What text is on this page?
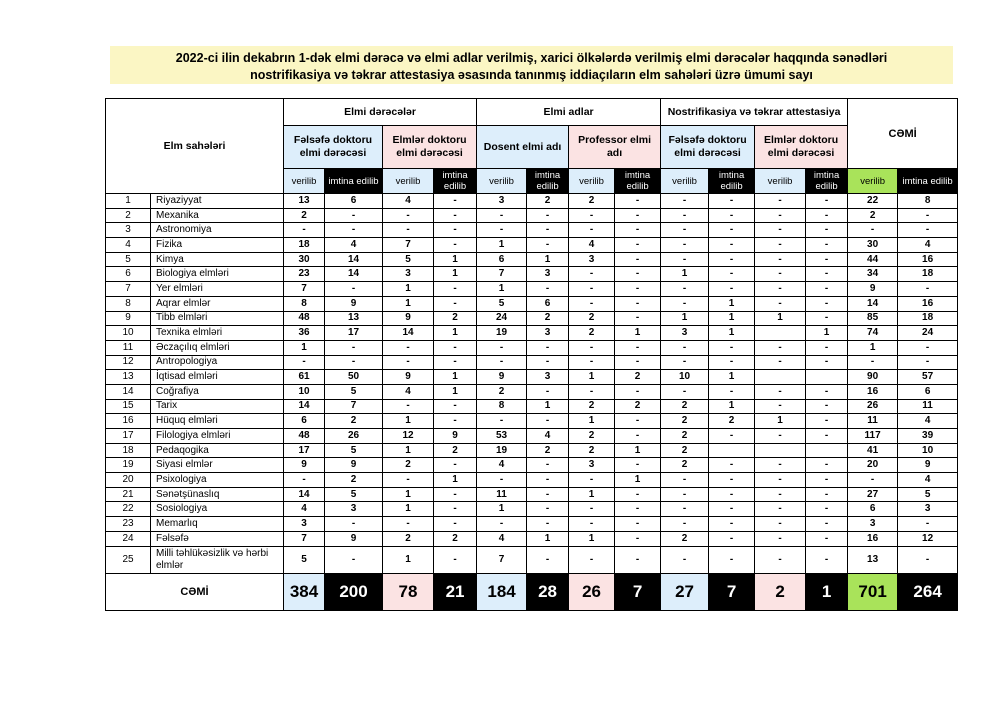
2022-ci ilin dekabrın 1-dək elmi dərəcə və elmi adlar verilmiş, xarici ölkələrdə verilmiş elmi dərəcələr haqqında sənədləri
nostrifikasiya və təkrar attestasiya əsasında tanınmış iddiaçıların elm sahələri üzrə ümumi sayı
Elm sahələri		Elmi dərəcələr				Elmi adlar				Nostrifikasiya və təkrar attestasiya				CƏMİ	
		Fəlsəfə doktoru elmi dərəcəsi		Elmlər doktoru elmi dərəcəsi		Dosent elmi adı		Professor elmi adı		Fəlsəfə doktoru elmi dərəcəsi		Elmlər doktoru elmi dərəcəsi			
		verilib	imtina edilib	verilib	imtina edilib	verilib	imtina edilib	verilib	imtina edilib	verilib	imtina edilib	verilib	imtina edilib	verilib	imtina edilib
1	Riyaziyyat	13	6	4	-	3	2	2	-	-	-	-	-	22	8
2	Mexanika	2	-	-	-	-	-	-	-	-	-	-	-	2	-
3	Astronomiya	-	-	-	-	-	-	-	-	-	-	-	-	-	-
4	Fizika	18	4	7	-	1	-	4	-	-	-	-	-	30	4
5	Kimya	30	14	5	1	6	1	3	-	-	-	-	-	44	16
6	Biologiya elmləri	23	14	3	1	7	3	-	-	1	-	-	-	34	18
7	Yer elmləri	7	-	1	-	1	-	-	-	-	-	-	-	9	-
8	Aqrar elmlər	8	9	1	-	5	6	-	-	-	1	-	-	14	16
9	Tibb elmləri	48	13	9	2	24	2	2	-	1	1	1	-	85	18
10	Texnika elmləri	36	17	14	1	19	3	2	1	3	1		1	74	24
11	Əczaçılıq elmləri	1	-	-	-	-	-	-	-	-	-	-	-	1	-
12	Antropologiya	-	-	-	-	-	-	-	-	-	-	-	-	-	-
13	İqtisad elmləri	61	50	9	1	9	3	1	2	10	1			90	57
14	Coğrafiya	10	5	4	1	2	-	-	-	-	-	-	-	16	6
15	Tarix	14	7	-	-	8	1	2	2	2	1	-	-	26	11
16	Hüquq elmləri	6	2	1	-	-	-	1	-	2	2	1	-	11	4
17	Filologiya elmləri	48	26	12	9	53	4	2	-	2	-	-	-	117	39
18	Pedaqogika	17	5	1	2	19	2	2	1	2				41	10
19	Siyasi elmlər	9	9	2	-	4	-	3	-	2	-	-	-	20	9
20	Psixologiya	-	2	-	1	-	-	-	1	-	-	-	-	-	4
21	Sənətşünaslıq	14	5	1	-	11	-	1	-	-	-	-	-	27	5
22	Sosiologiya	4	3	1	-	1	-	-	-	-	-	-	-	6	3
23	Memarlıq	3	-	-	-	-	-	-	-	-	-	-	-	3	-
24	Fəlsəfə	7	9	2	2	4	1	1	-	2	-	-	-	16	12
25	Milli təhlükəsizlik və hərbi elmlər	5	-	1	-	7	-	-	-	-	-	-	-	13	-
CƏMİ		384	200	78	21	184	28	26	7	27	7	2	1	701	264
